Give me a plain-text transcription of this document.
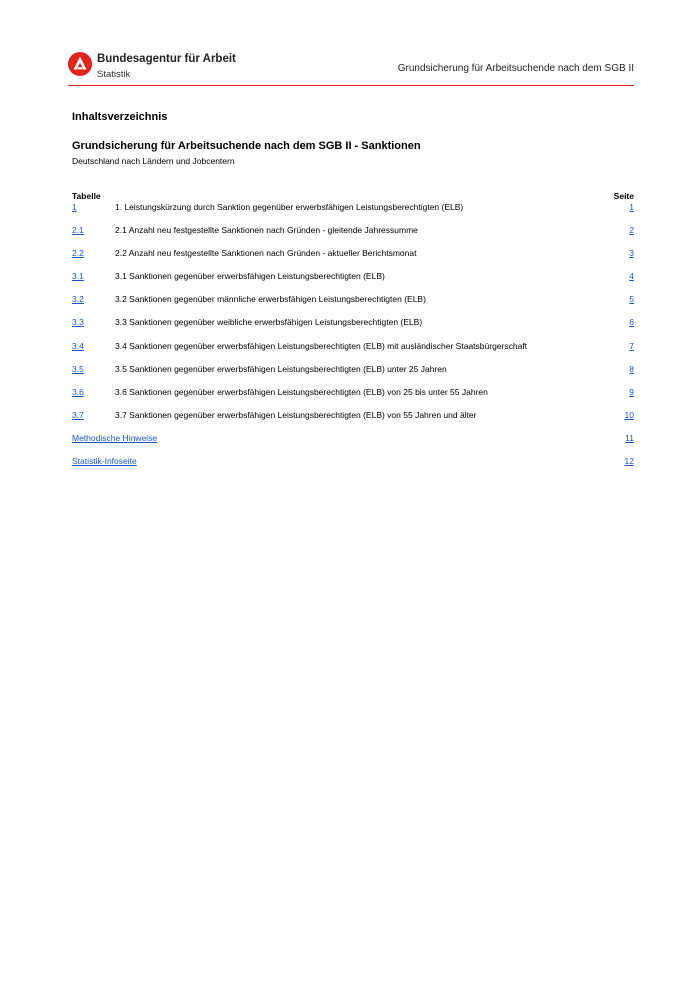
Bundesagentur für Arbeit
Statistik
Grundsicherung für Arbeitsuchende nach dem SGB II
Inhaltsverzeichnis
Grundsicherung für Arbeitsuchende nach dem SGB II - Sanktionen
Deutschland nach Ländern und Jobcentern
Tabelle	Seite
1	1. Leistungskürzung durch Sanktion gegenüber erwerbsfähigen Leistungsberechtigten (ELB)	1
2.1	2.1 Anzahl neu festgestellte Sanktionen nach Gründen - gleitende Jahressumme	2
2.2	2.2 Anzahl neu festgestellte Sanktionen nach Gründen - aktueller Berichtsmonat	3
3.1	3.1 Sanktionen gegenüber erwerbsfähigen Leistungsberechtigten (ELB)	4
3.2	3.2 Sanktionen gegenüber männliche erwerbsfähigen Leistungsberechtigten (ELB)	5
3.3	3.3 Sanktionen gegenüber weibliche erwerbsfähigen Leistungsberechtigten (ELB)	6
3.4	3.4 Sanktionen gegenüber erwerbsfähigen Leistungsberechtigten (ELB) mit ausländischer Staatsbürgerschaft	7
3.5	3.5 Sanktionen gegenüber erwerbsfähigen Leistungsberechtigten (ELB) unter 25 Jahren	8
3.6	3.6 Sanktionen gegenüber erwerbsfähigen Leistungsberechtigten (ELB) von 25 bis unter 55 Jahren	9
3.7	3.7 Sanktionen gegenüber erwerbsfähigen Leistungsberechtigten (ELB) von 55 Jahren und älter	10
Methodische Hinweise	11
Statistik-Infoseite	12
